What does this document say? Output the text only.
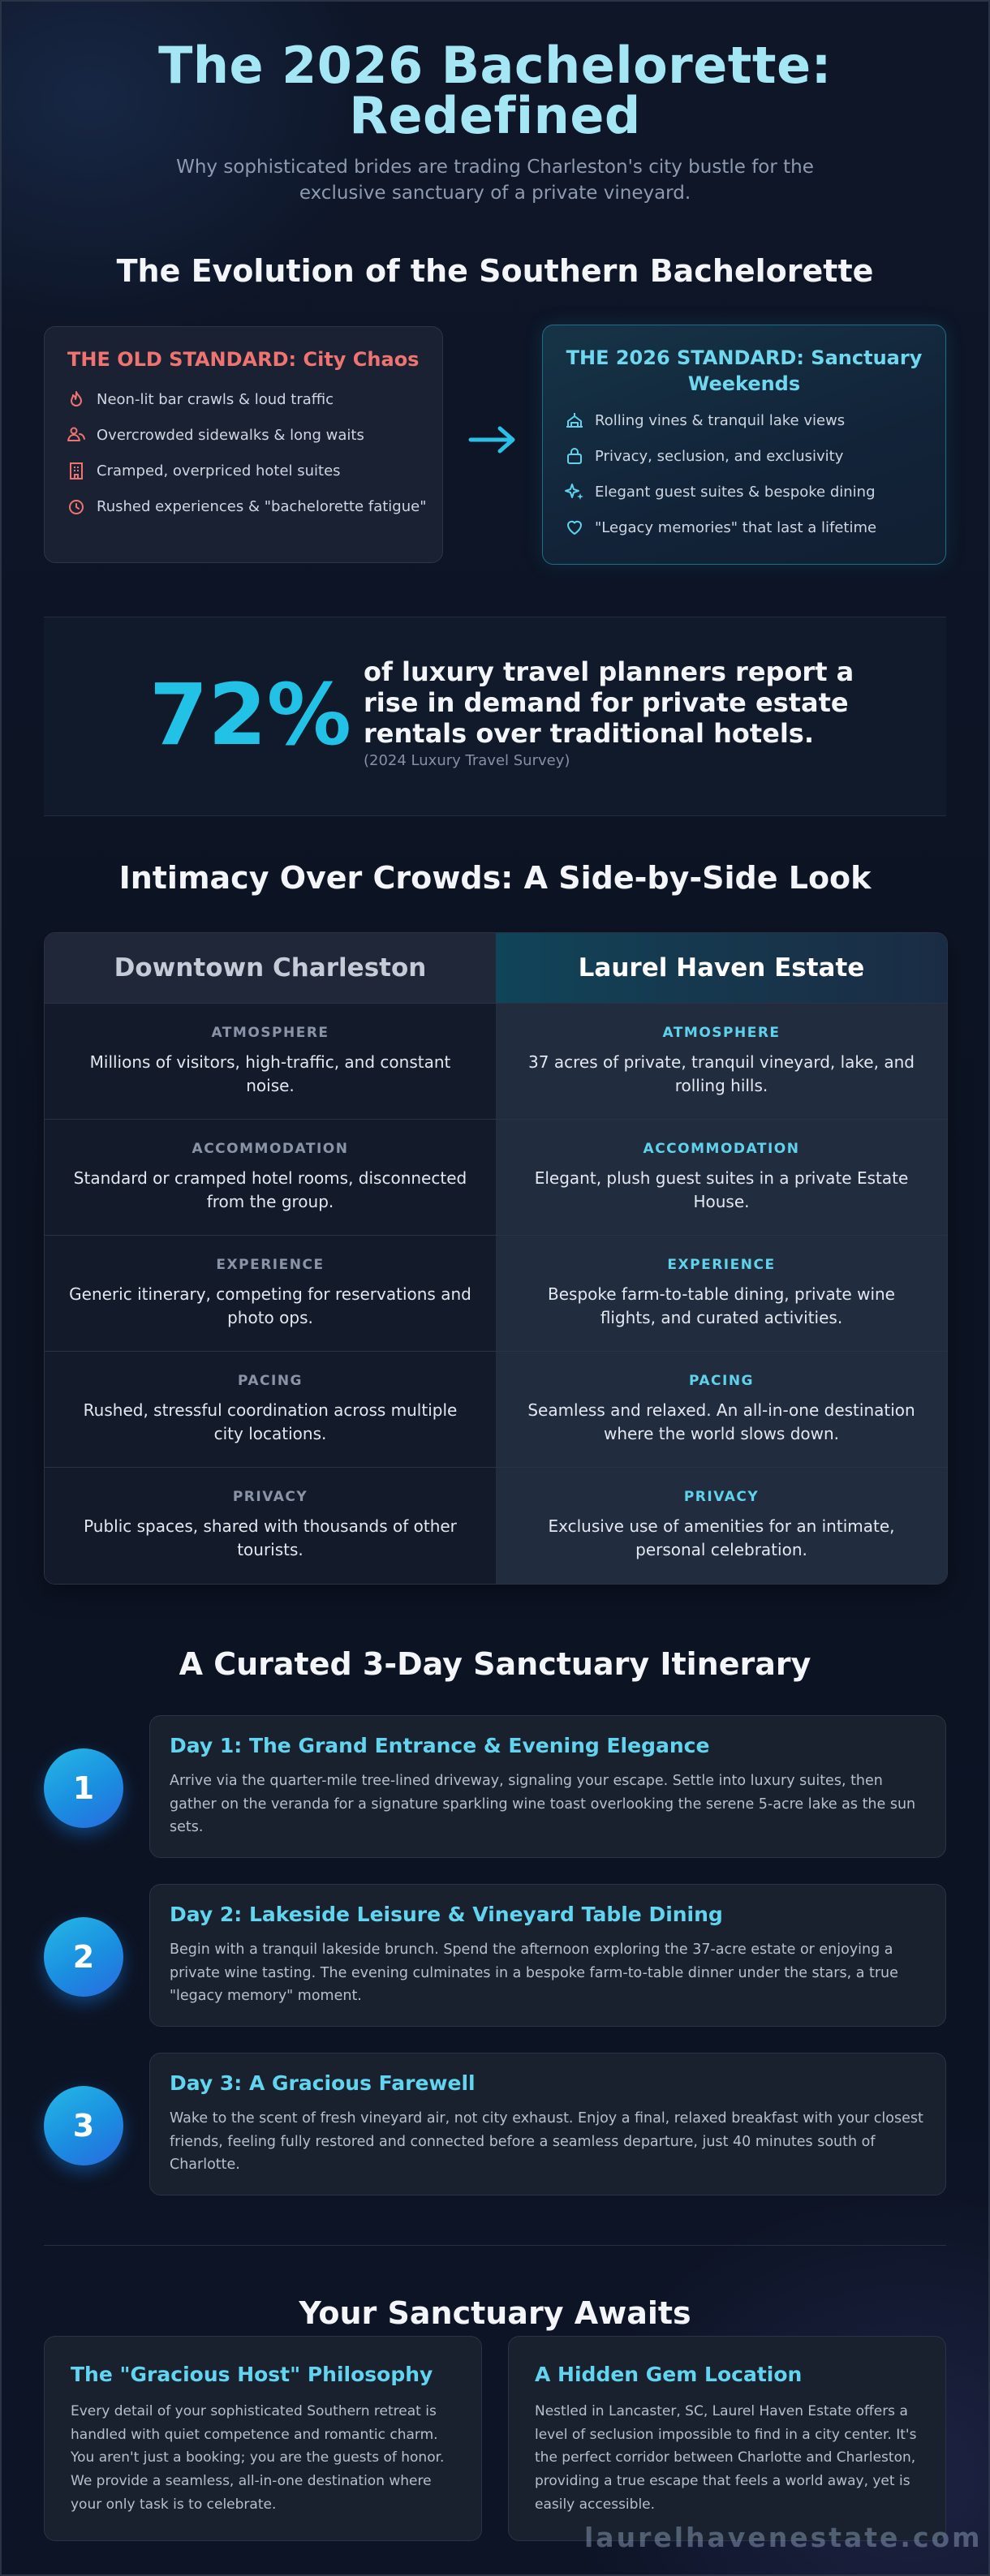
The 2026 Bachelorette:
Redefined
Why sophisticated brides are trading Charleston's city bustle for the exclusive sanctuary of a private vineyard.
The Evolution of the Southern Bachelorette
THE OLD STANDARD: City Chaos
Neon-lit bar crawls & loud traffic
Overcrowded sidewalks & long waits
Cramped, overpriced hotel suites
Rushed experiences & "bachelorette fatigue"
THE 2026 STANDARD: Sanctuary
Weekends
Rolling vines & tranquil lake views
Privacy, seclusion, and exclusivity
Elegant guest suites & bespoke dining
"Legacy memories" that last a lifetime
72% of luxury travel planners report a rise in demand for private estate rentals over traditional hotels.
(2024 Luxury Travel Survey)
Intimacy Over Crowds: A Side-by-Side Look
Downtown Charleston	Laurel Haven Estate
ATMOSPHERE
Millions of visitors, high-traffic, and constant noise.
ATMOSPHERE
37 acres of private, tranquil vineyard, lake, and rolling hills.
ACCOMMODATION
Standard or cramped hotel rooms, disconnected from the group.
ACCOMMODATION
Elegant, plush guest suites in a private Estate House.
EXPERIENCE
Generic itinerary, competing for reservations and photo ops.
EXPERIENCE
Bespoke farm-to-table dining, private wine flights, and curated activities.
PACING
Rushed, stressful coordination across multiple city locations.
PACING
Seamless and relaxed. An all-in-one destination where the world slows down.
PRIVACY
Public spaces, shared with thousands of other tourists.
PRIVACY
Exclusive use of amenities for an intimate, personal celebration.
A Curated 3-Day Sanctuary Itinerary
1
Day 1: The Grand Entrance & Evening Elegance
Arrive via the quarter-mile tree-lined driveway, signaling your escape. Settle into luxury suites, then gather on the veranda for a signature sparkling wine toast overlooking the serene 5-acre lake as the sun sets.
2
Day 2: Lakeside Leisure & Vineyard Table Dining
Begin with a tranquil lakeside brunch. Spend the afternoon exploring the 37-acre estate or enjoying a private wine tasting. The evening culminates in a bespoke farm-to-table dinner under the stars, a true "legacy memory" moment.
3
Day 3: A Gracious Farewell
Wake to the scent of fresh vineyard air, not city exhaust. Enjoy a final, relaxed breakfast with your closest friends, feeling fully restored and connected before a seamless departure, just 40 minutes south of Charlotte.
Your Sanctuary Awaits
The "Gracious Host" Philosophy
Every detail of your sophisticated Southern retreat is handled with quiet competence and romantic charm. You aren't just a booking; you are the guests of honor. We provide a seamless, all-in-one destination where your only task is to celebrate.
A Hidden Gem Location
Nestled in Lancaster, SC, Laurel Haven Estate offers a level of seclusion impossible to find in a city center. It's the perfect corridor between Charlotte and Charleston, providing a true escape that feels a world away, yet is easily accessible.
laurelhavenestate.com
